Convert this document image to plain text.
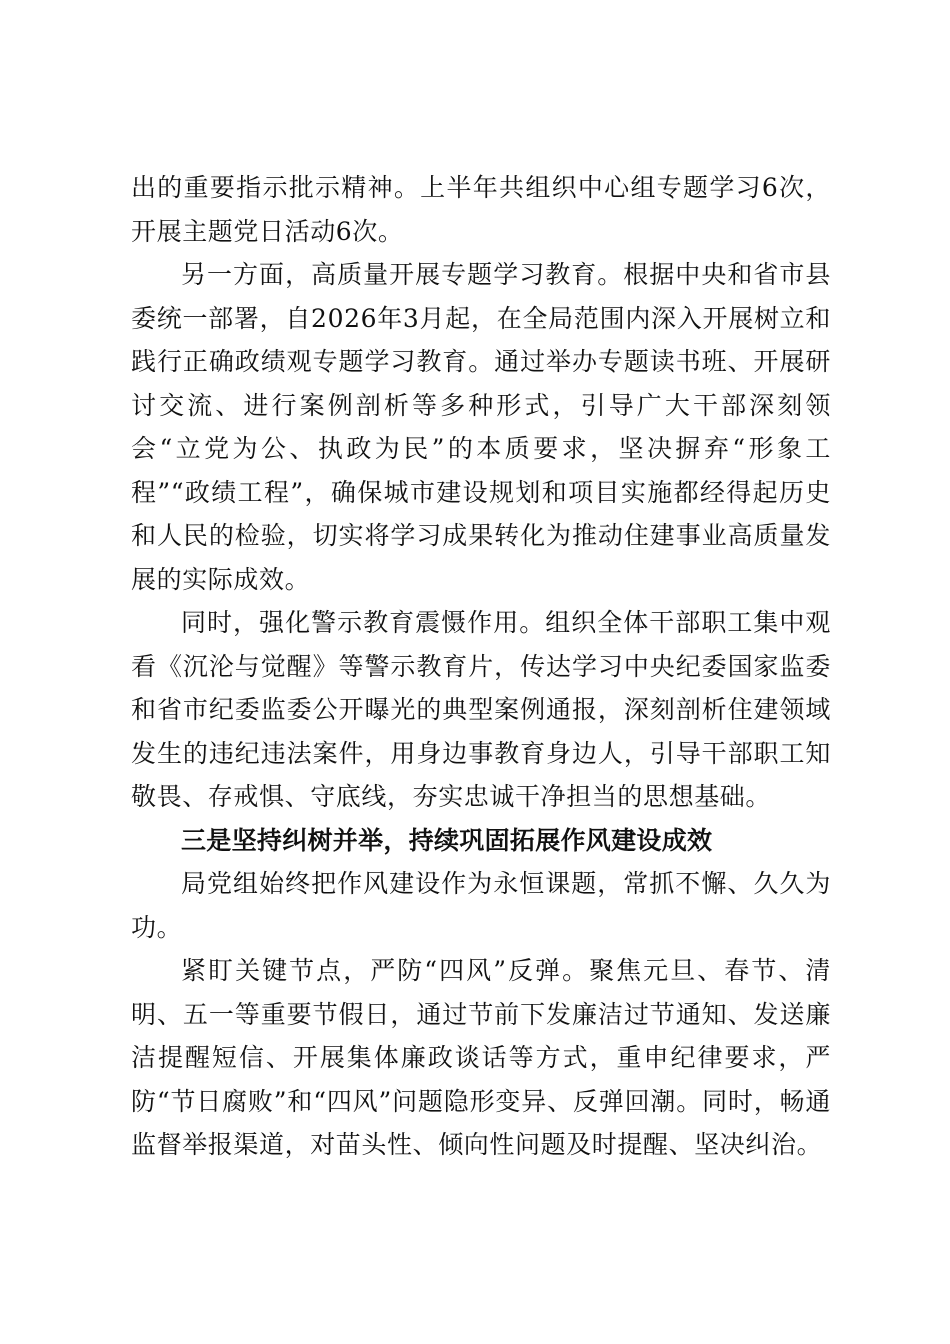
出的重要指示批示精神。上半年共组织中心组专题学习6次，开展主题党日活动6次。

另一方面，高质量开展专题学习教育。根据中央和省市县委统一部署，自2026年3月起，在全局范围内深入开展树立和践行正确政绩观专题学习教育。通过举办专题读书班、开展研讨交流、进行案例剖析等多种形式，引导广大干部深刻领会“立党为公、执政为民”的本质要求，坚决摒弃“形象工程”“政绩工程”，确保城市建设规划和项目实施都经得起历史和人民的检验，切实将学习成果转化为推动住建事业高质量发展的实际成效。

同时，强化警示教育震慑作用。组织全体干部职工集中观看《沉沦与觉醒》等警示教育片，传达学习中央纪委国家监委和省市纪委监委公开曝光的典型案例通报，深刻剖析住建领域发生的违纪违法案件，用身边事教育身边人，引导干部职工知敬畏、存戒惧、守底线，夯实忠诚干净担当的思想基础。

三是坚持纠树并举，持续巩固拓展作风建设成效

局党组始终把作风建设作为永恒课题，常抓不懈、久久为功。

紧盯关键节点，严防“四风”反弹。聚焦元旦、春节、清明、五一等重要节假日，通过节前下发廉洁过节通知、发送廉洁提醒短信、开展集体廉政谈话等方式，重申纪律要求，严防“节日腐败”和“四风”问题隐形变异、反弹回潮。同时，畅通监督举报渠道，对苗头性、倾向性问题及时提醒、坚决纠治。
